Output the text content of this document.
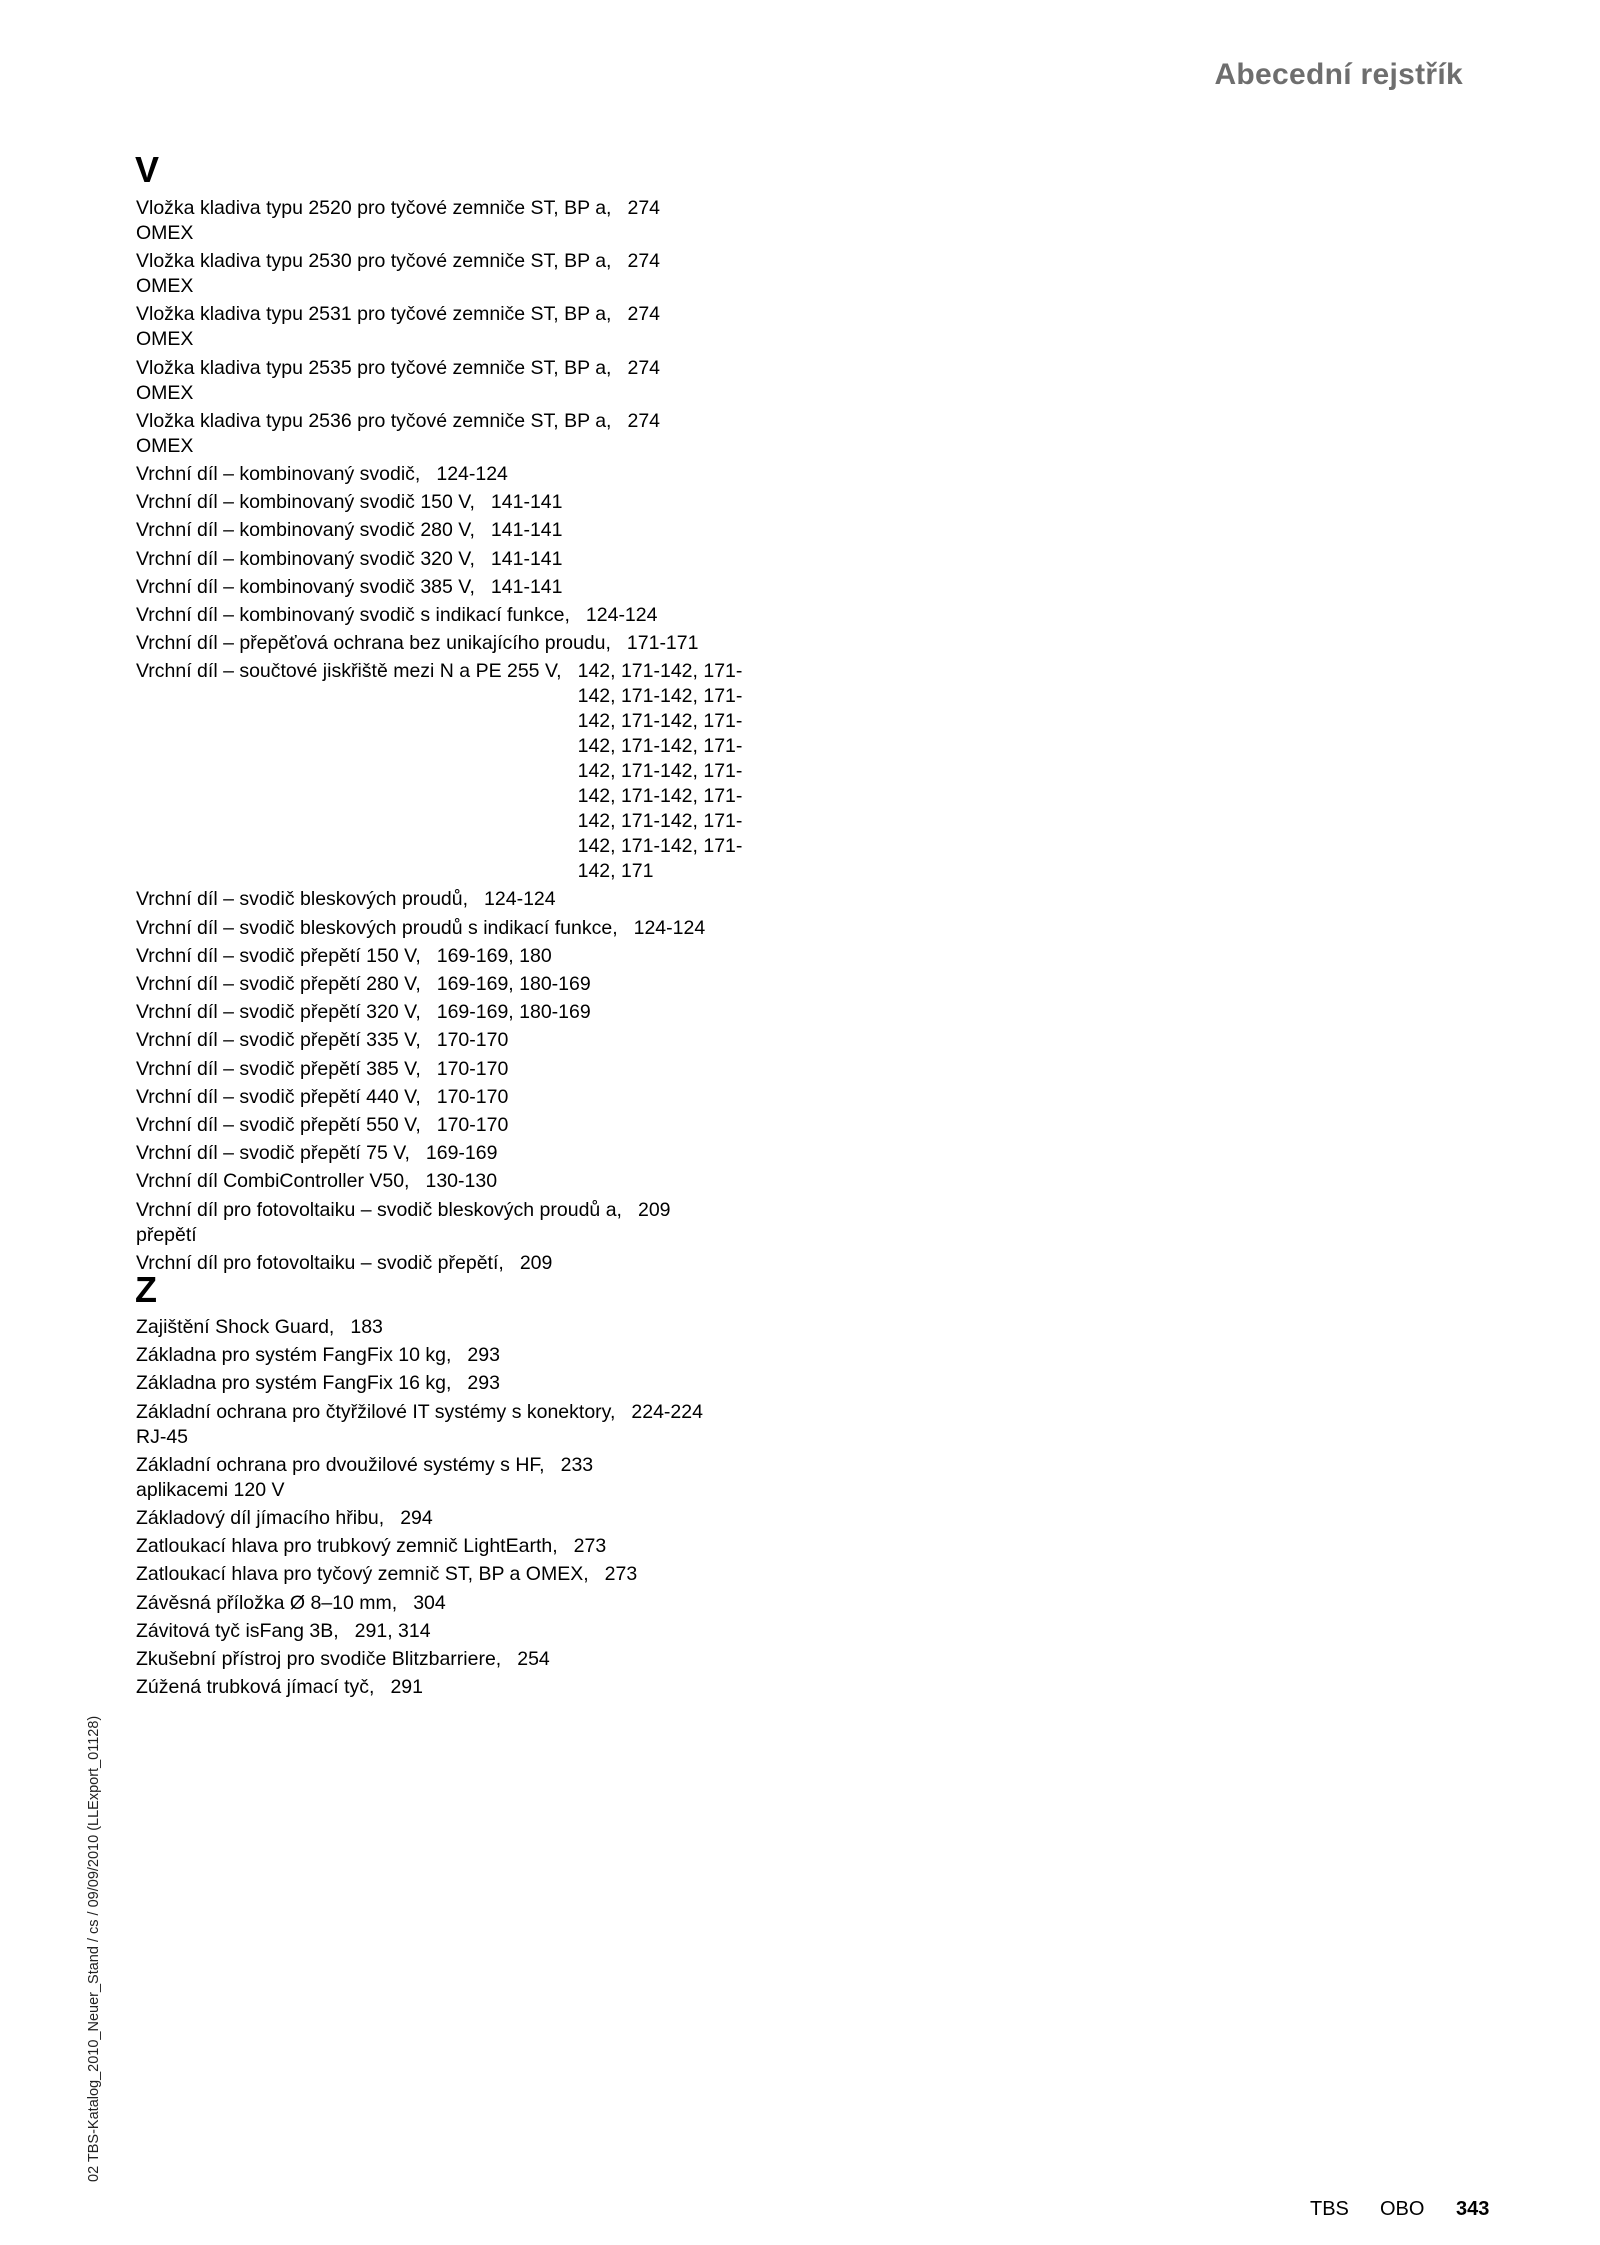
Abecední rejstřík
V
Vložka kladiva typu 2520 pro tyčové zemniče ST, BP a, 274
OMEX
Vložka kladiva typu 2530 pro tyčové zemniče ST, BP a, 274
OMEX
Vložka kladiva typu 2531 pro tyčové zemniče ST, BP a, 274
OMEX
Vložka kladiva typu 2535 pro tyčové zemniče ST, BP a, 274
OMEX
Vložka kladiva typu 2536 pro tyčové zemniče ST, BP a, 274
OMEX
Vrchní díl – kombinovaný svodič, 124-124
Vrchní díl – kombinovaný svodič 150 V, 141-141
Vrchní díl – kombinovaný svodič 280 V, 141-141
Vrchní díl – kombinovaný svodič 320 V, 141-141
Vrchní díl – kombinovaný svodič 385 V, 141-141
Vrchní díl – kombinovaný svodič s indikací funkce, 124-124
Vrchní díl – přepěťová ochrana bez unikajícího proudu, 171-171
Vrchní díl – součtové jiskřiště mezi N a PE 255 V, 142, 171-142, 171-
142, 171-142, 171-
142, 171-142, 171-
142, 171-142, 171-
142, 171-142, 171-
142, 171-142, 171-
142, 171-142, 171-
142, 171-142, 171-
142, 171
Vrchní díl – svodič bleskových proudů, 124-124
Vrchní díl – svodič bleskových proudů s indikací funkce, 124-124
Vrchní díl – svodič přepětí 150 V, 169-169, 180
Vrchní díl – svodič přepětí 280 V, 169-169, 180-169
Vrchní díl – svodič přepětí 320 V, 169-169, 180-169
Vrchní díl – svodič přepětí 335 V, 170-170
Vrchní díl – svodič přepětí 385 V, 170-170
Vrchní díl – svodič přepětí 440 V, 170-170
Vrchní díl – svodič přepětí 550 V, 170-170
Vrchní díl – svodič přepětí 75 V, 169-169
Vrchní díl CombiController V50, 130-130
Vrchní díl pro fotovoltaiku – svodič bleskových proudů a, 209
přepětí
Vrchní díl pro fotovoltaiku – svodič přepětí, 209
Z
Zajištění Shock Guard, 183
Základna pro systém FangFix 10 kg, 293
Základna pro systém FangFix 16 kg, 293
Základní ochrana pro čtyřžilové IT systémy s konektory, 224-224
RJ-45
Základní ochrana pro dvoužilové systémy s HF, 233
aplikacemi 120 V
Základový díl jímacího hřibu, 294
Zatloukací hlava pro trubkový zemnič LightEarth, 273
Zatloukací hlava pro tyčový zemnič ST, BP a OMEX, 273
Závěsná příložka Ø 8–10 mm, 304
Závitová tyč isFang 3B, 291, 314
Zkušební přístroj pro svodiče Blitzbarriere, 254
Zúžená trubková jímací tyč, 291
02 TBS-Katalog_2010_Neuer_Stand / cs / 09/09/2010 (LLExport_01128)
TBS OBO 343
